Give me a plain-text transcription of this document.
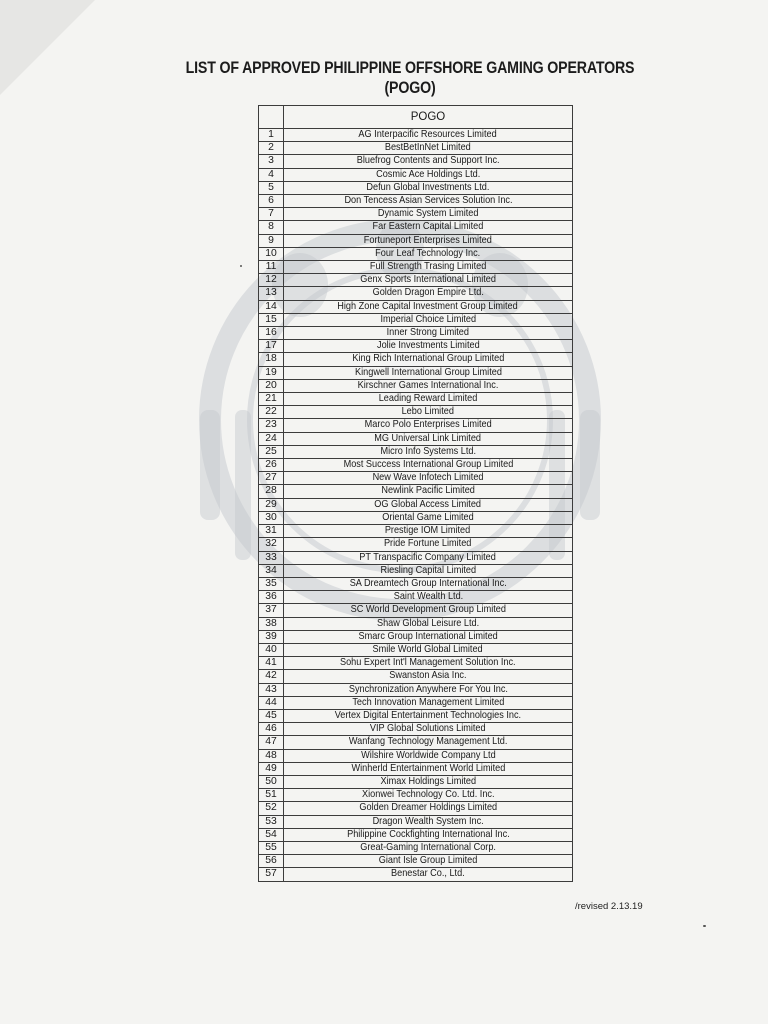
LIST OF APPROVED PHILIPPINE OFFSHORE GAMING OPERATORS
(POGO)
	POGO
1	AG Interpacific Resources Limited
2	BestBetInNet Limited
3	Bluefrog Contents and Support Inc.
4	Cosmic Ace Holdings Ltd.
5	Defun Global Investments Ltd.
6	Don Tencess Asian Services Solution Inc.
7	Dynamic System Limited
8	Far Eastern Capital Limited
9	Fortuneport Enterprises Limited
10	Four Leaf Technology Inc.
11	Full Strength Trasing Limited
12	Genx Sports International Limited
13	Golden Dragon Empire Ltd.
14	High Zone Capital Investment Group Limited
15	Imperial Choice Limited
16	Inner Strong Limited
17	Jolie Investments Limited
18	King Rich International Group Limited
19	Kingwell International Group Limited
20	Kirschner Games International Inc.
21	Leading Reward Limited
22	Lebo Limited
23	Marco Polo Enterprises Limited
24	MG Universal Link Limited
25	Micro Info Systems Ltd.
26	Most Success International Group Limited
27	New Wave Infotech Limited
28	Newlink Pacific Limited
29	OG Global Access Limited
30	Oriental Game Limited
31	Prestige IOM Limited
32	Pride Fortune Limited
33	PT Transpacific Company Limited
34	Riesling Capital Limited
35	SA Dreamtech Group International Inc.
36	Saint Wealth Ltd.
37	SC World Development Group Limited
38	Shaw Global Leisure Ltd.
39	Smarc Group International Limited
40	Smile World Global Limited
41	Sohu Expert Int'l Management Solution Inc.
42	Swanston Asia Inc.
43	Synchronization Anywhere For You Inc.
44	Tech Innovation Management Limited
45	Vertex Digital Entertainment Technologies Inc.
46	VIP Global Solutions Limited
47	Wanfang Technology Management Ltd.
48	Wilshire Worldwide Company Ltd
49	Winherld Entertainment World Limited
50	Ximax Holdings Limited
51	Xionwei Technology Co. Ltd. Inc.
52	Golden Dreamer Holdings Limited
53	Dragon Wealth System Inc.
54	Philippine Cockfighting International Inc.
55	Great-Gaming International Corp.
56	Giant Isle Group Limited
57	Benestar Co., Ltd.
/revised 2.13.19
